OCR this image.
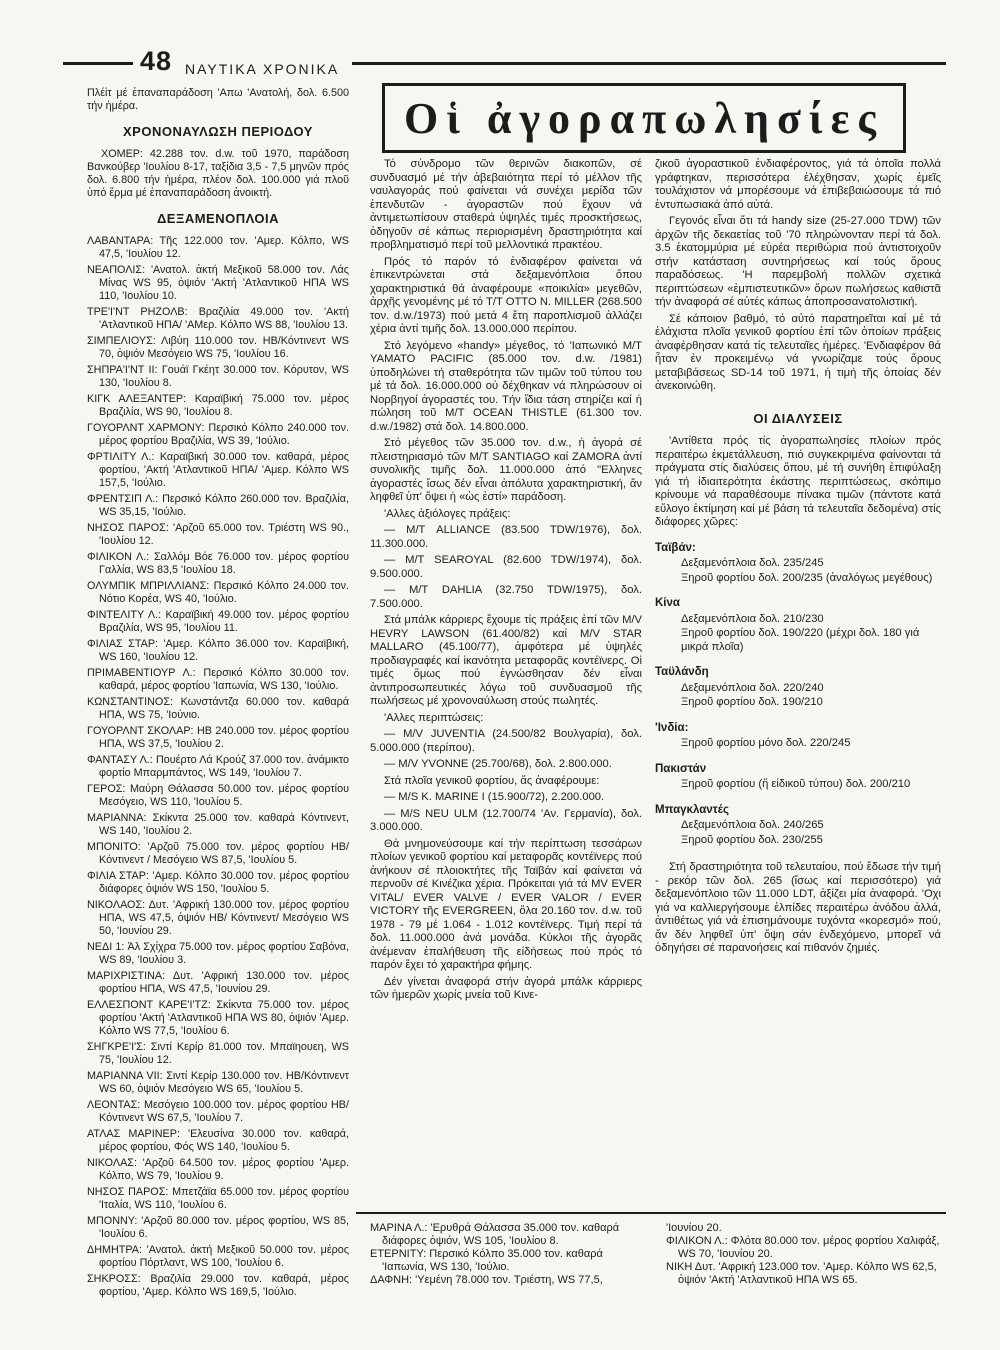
48 ΝΑΥΤΙΚΑ ΧΡΟΝΙΚΑ
Οἱ ἀγοραπωλησίες

Πλέἱτ μέ ἐπαναπαράδοση 'Απω 'Ανατολή, δολ. 6.500 τήν ἡμέρα.

ΧΡΟΝΟΝΑΥΛΩΣΗ ΠΕΡΙΟΔΟΥ

ΧΟΜΕΡ: 42.288 τον. d.w. τοῦ 1970, παράδοση Βανκούβερ 'Ιουλίου 8-17, ταξίδια 3,5 - 7,5 μηνῶν πρός δολ. 6.800 τήν ἡμέρα, πλέον δολ. 100.000 γιά πλοῦ ὑπό ἕρμα μέ ἐπαναπαράδοση ἀνοικτή.

ΔΕΞΑΜΕΝΟΠΛΟΙΑ

ΛΑΒΑΝΤΑΡΑ: Τῆς 122.000 τον. 'Αμερ. Κόλπο, WS 47,5, 'Ιουλίου 12.

ΝΕΑΠΟΛΙΣ: 'Ανατολ. ἀκτή Μεξικοῦ 58.000 τον. Λάς Μίνας WS 95, ὀψιόν 'Ακτή 'Ατλαντικοῦ ΗΠΑ WS 110, 'Ιουλίου 10.

ΤΡΕ'Ι'ΝΤ ΡΗΖΟΛΒ: Βραζιλία 49.000 τον. 'Ακτή 'Ατλαντικοῦ ΗΠΑ/ 'ΑΜερ. Κόλπο WS 88, 'Ιουλίου 13.

ΣΙΜΠΕΛΙΟΥΣ: Λιβύη 110.000 τον. ΗΒ/Κόντινεντ WS 70, ὀψιόν Μεσόγειο WS 75, 'Ιουλίου 16.

ΣΗΠΡΑ'Ι'ΝΤ ΙΙ: Γουάϊ Γκέητ 30.000 τον. Κόρυτον, WS 130, 'Ιουλίου 8.

ΚΙΓΚ ΑΛΕΞΑΝΤΕΡ: Καραϊβική 75.000 τον. μέρος Βραζιλία, WS 90, 'Ιουλίου 8.

ΓΟΥΟΡΛΝΤ ΧΑΡΜΟΝΥ: Περσικό Κόλπο 240.000 τον. μέρος φορτίου Βραζιλία, WS 39, 'Ιούλιο.

ΦΡΤΙΛΙΤΥ Λ.: Καραϊβική 30.000 τον. καθαρά, μέρος φορτίου, 'Ακτή 'Ατλαντικοῦ ΗΠΑ/ 'Αμερ. Κόλπο WS 157,5, 'Ιούλιο.

ΦΡΕΝΤΣΙΠ Λ.: Περσικό Κόλπο 260.000 τον. Βραζιλία, WS 35,15, 'Ιούλιο.

ΝΗΣΟΣ ΠΑΡΟΣ: 'Αρζοῦ 65.000 τον. Τριέστη WS 90., 'Ιουλίου 12.

ΦΙΛΙΚΟΝ Λ.: Σαλλόμ Βόε 76.000 τον. μέρος φορτίου Γαλλία, WS 83,5 'Ιουλίου 18.

ΟΛΥΜΠΙΚ ΜΠΡΙΛΛΙΑΝΣ: Περσικό Κόλπο 24.000 τον. Νότιο Κορέα, WS 40, 'Ιούλιο.

ΦΙΝΤΕΛΙΤΥ Λ.: Καραϊβική 49.000 τον. μέρος φορτίου Βραζιλία, WS 95, 'Ιουλίου 11.

ΦΙΛΙΑΣ ΣΤΑΡ: 'Αμερ. Κόλπο 36.000 τον. Καραϊβική, WS 160, 'Ιουλίου 12.

ΠΡΙΜΑΒΕΝΤΙΟΥΡ Λ.: Περσικό Κόλπο 30.000 τον. καθαρά, μέρος φορτίου 'Ιαπωνία, WS 130, 'Ιούλιο.

ΚΩΝΣΤΑΝΤΙΝΟΣ: Κωνστάντζα 60.000 τον. καθαρά ΗΠΑ, WS 75, 'Ιούνιο.

ΓΟΥΟΡΛΝΤ ΣΚΟΛΑΡ: ΗΒ 240.000 τον. μέρος φορτίου ΗΠΑ, WS 37,5, 'Ιουλίου 2.

ΦΑΝΤΑΣΥ Λ.: Πουέρτο Λά Κρούζ 37.000 τον. ἀνάμικτο φορτίο Μπαρμπάντος, WS 149, 'Ιουλίου 7.

ΓΕΡΟΣ: Μαύρη Θάλασσα 50.000 τον. μέρος φορτίου Μεσόγειο, WS 110, 'Ιουλίου 5.

ΜΑΡΙΑΝΝΑ: Σκίκντα 25.000 τον. καθαρά Κόντινεντ, WS 140, 'Ιουλίου 2.

ΜΠΟΝΙΤΟ: 'Αρζοῦ 75.000 τον. μέρος φορτίου ΗΒ/Κόντινεντ / Μεσόγειο WS 87,5, 'Ιουλίου 5.

ΦΙΛΙΑ ΣΤΑΡ: 'Αμερ. Κόλπο 30.000 τον. μέρος φορτίου διάφορες ὀψιόν WS 150, 'Ιουλίου 5.

ΝΙΚΟΛΑΟΣ: Δυτ. 'Αφρική 130.000 τον. μέρος φορτίου ΗΠΑ, WS 47,5, ὀψιόν ΗΒ/ Κόντινεντ/ Μεσόγειο WS 50, 'Ιουνίου 29.

ΝΕΔΙ 1: Ἀλ Σχίχρα 75.000 τον. μέρος φορτίου Σαβόνα, WS 89, 'Ιουλίου 3.

ΜΑΡΙΧΡΙΣΤΙΝΑ: Δυτ. 'Αφρική 130.000 τον. μέρος φορτίου ΗΠΑ, WS 47,5, 'Ιουνίου 29.

ΕΛΛΕΣΠΟΝΤ ΚΑΡΕ'Ι'ΤΖ: Σκίκντα 75.000 τον. μέρος φορτίου 'Ακτή 'Ατλαντικοῦ ΗΠΑ WS 80, ὀψιόν 'Αμερ. Κόλπο WS 77,5, 'Ιουλίου 6.

ΣΗΓΚΡΕ'Ι'Σ: Σιντί Κερίρ 81.000 τον. Μπαϊηουεη, WS 75, 'Ιουλίου 12.

ΜΑΡΙΑΝΝΑ VII: Σιντί Κερίρ 130.000 τον. ΗΒ/Κόντινεντ WS 60, ὀψιόν Μεσόγειο WS 65, 'Ιουλίου 5.

ΛΕΟΝΤΑΣ: Μεσόγειο 100.000 τον. μέρος φορτίου ΗΒ/ Κόντινεντ WS 67,5, 'Ιουλίου 7.

ΑΤΛΑΣ ΜΑΡΙΝΕΡ: 'Ελευσίνα 30.000 τον. καθαρά, μέρος φορτίου, Φός WS 140, 'Ιουλίου 5.

ΝΙΚΟΛΑΣ: 'Αρζοῦ 64.500 τον. μέρος φορτίου 'Αμερ. Κόλπο, WS 79, 'Ιουλίου 9.

ΝΗΣΟΣ ΠΑΡΟΣ: Μπετζάϊα 65.000 τον. μέρος φορτίου 'Ιταλία, WS 110, 'Ιουλίου 6.

ΜΠΟΝΝΥ: 'Αρζοῦ 80.000 τον. μέρος φορτίου, WS 85, 'Ιουλίου 6.

ΔΗΜΗΤΡΑ: 'Ανατολ. ἀκτή Μεξικοῦ 50.000 τον. μέρος φορτίου Πόρτλαντ, WS 100, 'Ιουλίου 6.

ΣΗΚΡΟΣΣ: Βραζιλία 29.000 τον. καθαρά, μέρος φορτίου, 'Αμερ. Κόλπο WS 169,5, 'Ιούλιο.

Τό σύνδρομο τῶν θερινῶν διακοπῶν, σέ συνδυασμό μέ τήν ἀβεβαιότητα περί τό μέλλον τῆς ναυλαγοράς πού φαίνεται νά συνέχει μερίδα τῶν ἐπενδυτῶν - ἀγοραστῶν πού ἔχουν νά ἀντιμετωπίσουν σταθερά ὑψηλές τιμές προσκτήσεως, ὁδηγοῦν σέ κάπως περιορισμένη δραστηριότητα καί προβληματισμό περί τοῦ μελλοντικά πρακτέου.

Πρός τό παρόν τό ἐνδιαφέρον φαίνεται νά ἐπικεντρώνεται στά δεξαμενόπλοια ὅπου χαρακτηριστικά θά ἀναφέρουμε «ποικιλία» μεγεθῶν, ἀρχῆς γενομένης μέ τό Τ/Τ OTTO N. MILLER (268.500 τον. d.w./1973) πού μετά 4 ἔτη παροπλισμοῦ ἀλλάζει χέρια ἀντί τιμῆς δολ. 13.000.000 περίπου.

Στό λεγόμενο «handy» μέγεθος, τό 'Ιαπωνικό Μ/Τ YAMATO PACIFIC (85.000 τον. d.w. /1981) ὑποδηλώνει τή σταθερότητα τῶν τιμῶν τοῦ τύπου του μέ τά δολ. 16.000.000 ού δέχθηκαν νά πληρώσουν οἱ Νορβηγοί ἀγοραστές του. Τήν ἴδια τάση στηρίζει καί ἡ πώληση τοῦ Μ/Τ OCEAN THISTLE (61.300 τον. d.w./1982) στά δολ. 14.800.000.

Στό μέγεθος τῶν 35.000 τον. d.w., ἡ ἀγορά σέ πλειστηριασμό τῶν Μ/Τ SANTIAGO καί ZAMORA ἀντί συνολικῆς τιμῆς δολ. 11.000.000 ἀπό "Ελληνες ἀγοραστές ἴσως δέν εἶναι ἀπόλυτα χαρακτηριστική, ἄν ληφθεῖ ὑπ' ὄψει ἡ «ὡς ἐστί» παράδοση.

'Αλλες ἀξιόλογες πράξεις:

— Μ/Τ ALLIANCE (83.500 TDW/1976), δολ. 11.300.000.

— Μ/Τ SEAROYAL (82.600 TDW/1974), δολ. 9.500.000.

— Μ/Τ DAHLIA (32.750 TDW/1975), δολ. 7.500.000.

Στά μπάλκ κάρριερς ἔχουμε τίς πράξεις ἐπί τῶν Μ/V HEVRY LAWSON (61.400/82) καί Μ/V STAR MALLARO (45.100/77), ἀμφότερα μέ ὑψηλές προδιαγραφές καί ἱκανότητα μεταφορᾶς κοντέϊνερς. Οἱ τιμές ὅμως πού ἐγνώσθησαν δέν εἶναι ἀντιπροσωπευτικές λόγω τοῦ συνδυασμοῦ τῆς πωλήσεως μέ χρονοναύλωση στούς πωλητές.

'Αλλες περιπτώσεις:

— Μ/V JUVENTIA (24.500/82 Βουλγαρία), δολ. 5.000.000 (περίπου).

— Μ/V YVONNE (25.700/68), δολ. 2.800.000.

Στά πλοῖα γενικοῦ φορτίου, ἄς ἀναφέρουμε:

— Μ/S K. MARINE I (15.900/72), 2.200.000.

— Μ/S NEU ULM (12.700/74 'Αν. Γερμανία), δολ. 3.000.000.

Θά μνημονεύσουμε καί τήν περίπτωση τεσσάρων πλοίων γενικοῦ φορτίου καί μεταφορᾶς κοντέϊνερς πού ἀνήκουν σέ πλοιοκτήτες τῆς Ταϊβάν καί φαίνεται νά περνοῦν σέ Κινέζικα χέρια. Πρόκειται γιά τά ΜV EVER VITAL/ EVER VALVE / EVER VALOR / EVER VICTORY τῆς EVERGREEN, ὅλα 20.160 τον. d.w. τοῦ 1978 - 79 μέ 1.064 - 1.012 κοντέϊνερς. Τιμή περί τά δολ. 11.000.000 ἀνά μονάδα. Κύκλοι τῆς ἀγορᾶς ἀνέμεναν ἐπαλήθευση τῆς εἰδήσεως πού πρός τό παρόν ἔχει τό χαρακτήρα φήμης.

Δέν γίνεται ἀναφορά στήν ἀγορά μπάλκ κάρριερς τῶν ἡμερῶν χωρίς μνεία τοῦ Κινε-

ζικοῦ ἀγοραστικοῦ ἐνδιαφέροντος, γιά τά ὁποῖα πολλά γράφτηκαν, περισσότερα ἐλέχθησαν, χωρίς ἐμεῖς τουλάχιστον νά μπορέσουμε νά ἐπιβεβαιώσουμε τά πιό ἐντυπωσιακά ἀπό αὐτά.

Γεγονός εἶναι ὅτι τά handy size (25-27.000 TDW) τῶν ἀρχῶν τῆς δεκαετίας τοῦ '70 πληρώνονταν περί τά δολ. 3.5 ἑκατομμύρια μέ εὐρέα περιθώρια πού ἀντιστοιχοῦν στήν κατάσταση συντηρήσεως καί τούς ὅρους παραδόσεως. 'Η παρεμβολή πολλῶν σχετικά περιπτώσεων «ἐμπιστευτικῶν» ὅρων πωλήσεως καθιστᾶ τήν ἀναφορά σέ αὐτές κάπως ἀποπροσανατολιστική.

Σέ κάποιον βαθμό, τό αὐτό παρατηρεῖται καί μέ τά ἐλάχιστα πλοῖα γενικοῦ φορτίου ἐπί τῶν ὁποίων πράξεις ἀναφέρθησαν κατά τίς τελευταῖες ἡμέρες. 'Ενδιαφέρον θά ἦταν ἐν προκειμένῳ νά γνωρίζαμε τούς ὅρους μεταβιβάσεως SD-14 τοῦ 1971, ἡ τιμή τῆς ὁποίας δέν ἀνεκοινώθη.

ΟΙ ΔΙΑΛΥΣΕΙΣ

'Αντίθετα πρός τίς ἀγοραπωλησίες πλοίων πρός περαιτέρω ἐκμετάλλευση, πιό συγκεκριμένα φαίνονται τά πράγματα στίς διαλύσεις ὅπου, μέ τή συνήθη ἐπιφύλαξη γιά τή ἰδιαιτερότητα ἑκάστης περιπτώσεως, σκόπιμο κρίνουμε νά παραθέσουμε πίνακα τιμῶν (πάντοτε κατά εὔλογο ἐκτίμηση καί μέ βάση τά τελευταῖα δεδομένα) στίς διάφορες χῶρες:

Ταϊβάν:
Δεξαμενόπλοια δολ. 235/245
Ξηροῦ φορτίου δολ. 200/235 (ἀναλόγως μεγέθους)
Κίνα
Δεξαμενόπλοια δολ. 210/230
Ξηροῦ φορτίου δολ. 190/220 (μέχρι δολ. 180 γιά μικρά πλοῖα)
Ταϋλάνδη
Δεξαμενόπλοια δολ. 220/240
Ξηροῦ φορτίου δολ. 190/210
'Ινδία:
Ξηροῦ φορτίου μόνο δολ. 220/245
Πακιστάν
Ξηροῦ φορτίου (ἤ εἰδικοῦ τύπου) δολ. 200/210
Μπαγκλαντές
Δεξαμενόπλοια δολ. 240/265
Ξηροῦ φορτίου δολ. 230/255

Στή δραστηριότητα τοῦ τελευταίου, πού ἔδωσε τήν τιμή - ρεκόρ τῶν δολ. 265 (ἴσως καί περισσότερο) γιά δεξαμενόπλοιο τῶν 11.000 LDT, ἀξίζει μία ἀναφορά. 'Οχι γιά να καλλιεργήσουμε ἐλπίδες περαιτέρω ἀνόδου ἀλλά, ἀντιθέτως γιά νά ἐπισημάνουμε τυχόντα «κορεσμό» πού, ἄν δέν ληφθεῖ ὑπ' ὄψη σάν ἐνδεχόμενο, μπορεῖ νά ὁδηγήσει σέ παρανοήσεις καί πιθανόν ζημιές.

ΜΑΡΙΝΑ Λ.: 'Ερυθρά Θάλασσα 35.000 τον. καθαρά διάφορες ὀψιόν, WS 105, 'Ιουλίου 8.

ΕΤΕΡΝΙΤΥ: Περσικό Κόλπο 35.000 τον. καθαρά 'Ιαπωνία, WS 130, 'Ιούλιο.

ΔΑΦΝΗ: 'Υεμένη 78.000 τον. Τριέστη, WS 77,5,

'Ιουνίου 20.

ΦΙΛΙΚΟΝ Λ.: Φλότα 80.000 τον. μέρος φορτίου Χαλιφάξ, WS 70, 'Ιουνίου 20.

ΝΙΚΗ Δυτ. 'Αφρική 123.000 τον. 'Αμερ. Κόλπο WS 62,5, ὀψιόν 'Ακτή 'Ατλαντικοῦ ΗΠΑ WS 65.
